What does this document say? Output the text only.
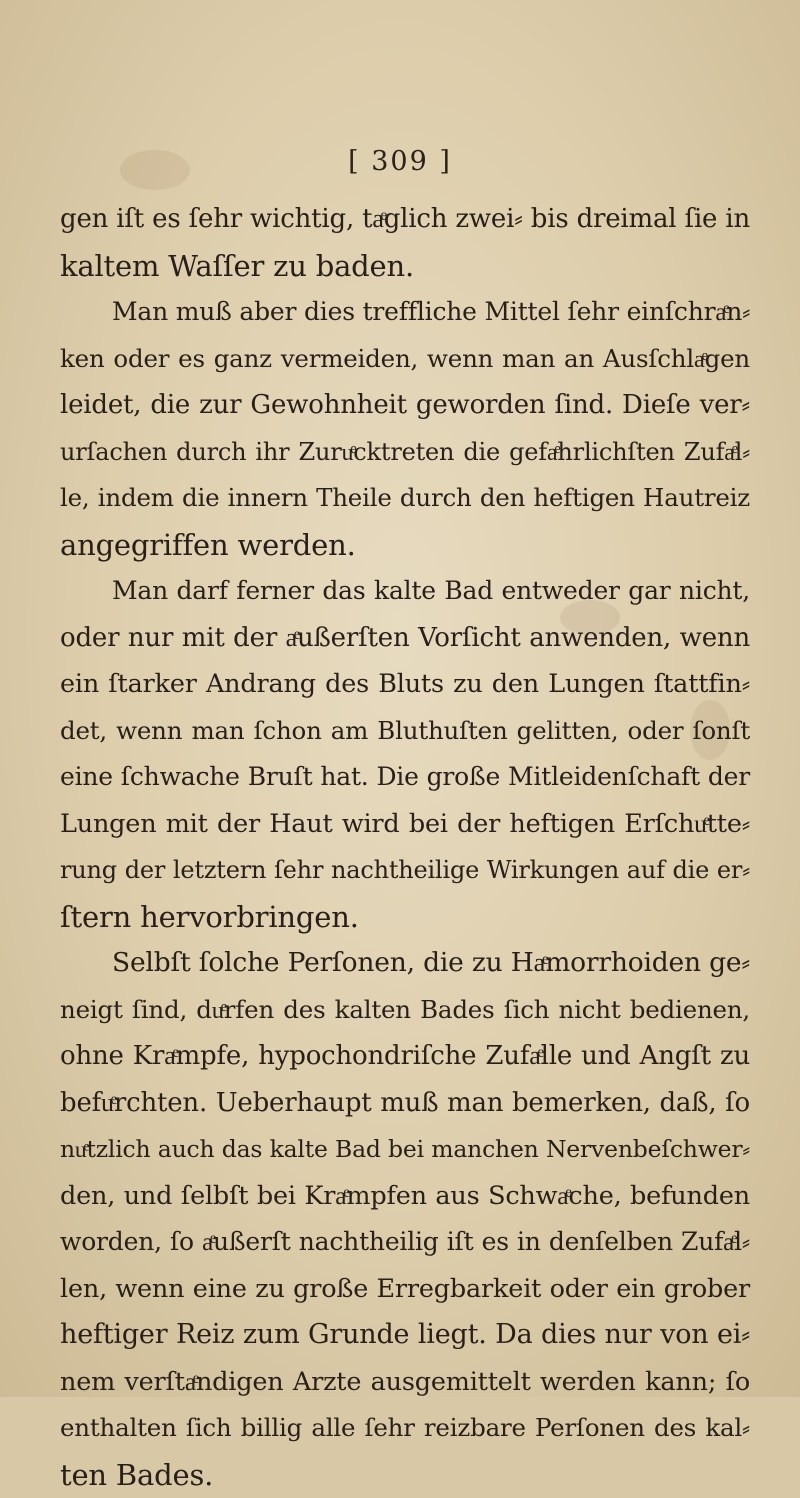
[ 309 ]
gen iſt es ſehr wichtig, taͤglich zwei⸗ bis dreimal ſie in
kaltem Waſſer zu baden.
Man muß aber dies treffliche Mittel ſehr einſchraͤn⸗
ken oder es ganz vermeiden, wenn man an Ausſchlaͤgen
leidet, die zur Gewohnheit geworden ſind. Dieſe ver⸗
urſachen durch ihr Zuruͤcktreten die gefaͤhrlichſten Zufaͤl⸗
le, indem die innern Theile durch den heftigen Hautreiz
angegriffen werden.
Man darf ferner das kalte Bad entweder gar nicht,
oder nur mit der aͤußerſten Vorſicht anwenden, wenn
ein ſtarker Andrang des Bluts zu den Lungen ſtattfin⸗
det, wenn man ſchon am Bluthuſten gelitten, oder ſonſt
eine ſchwache Bruſt hat. Die große Mitleidenſchaft der
Lungen mit der Haut wird bei der heftigen Erſchuͤtte⸗
rung der letztern ſehr nachtheilige Wirkungen auf die er⸗
ſtern hervorbringen.
Selbſt ſolche Perſonen, die zu Haͤmorrhoiden ge⸗
neigt ſind, duͤrfen des kalten Bades ſich nicht bedienen,
ohne Kraͤmpfe, hypochondriſche Zufaͤlle und Angſt zu
befuͤrchten. Ueberhaupt muß man bemerken, daß, ſo
nuͤtzlich auch das kalte Bad bei manchen Nervenbeſchwer⸗
den, und ſelbſt bei Kraͤmpfen aus Schwaͤche, befunden
worden, ſo aͤußerſt nachtheilig iſt es in denſelben Zufaͤl⸗
len, wenn eine zu große Erregbarkeit oder ein grober
heftiger Reiz zum Grunde liegt. Da dies nur von ei⸗
nem verſtaͤndigen Arzte ausgemittelt werden kann; ſo
enthalten ſich billig alle ſehr reizbare Perſonen des kal⸗
ten Bades.
